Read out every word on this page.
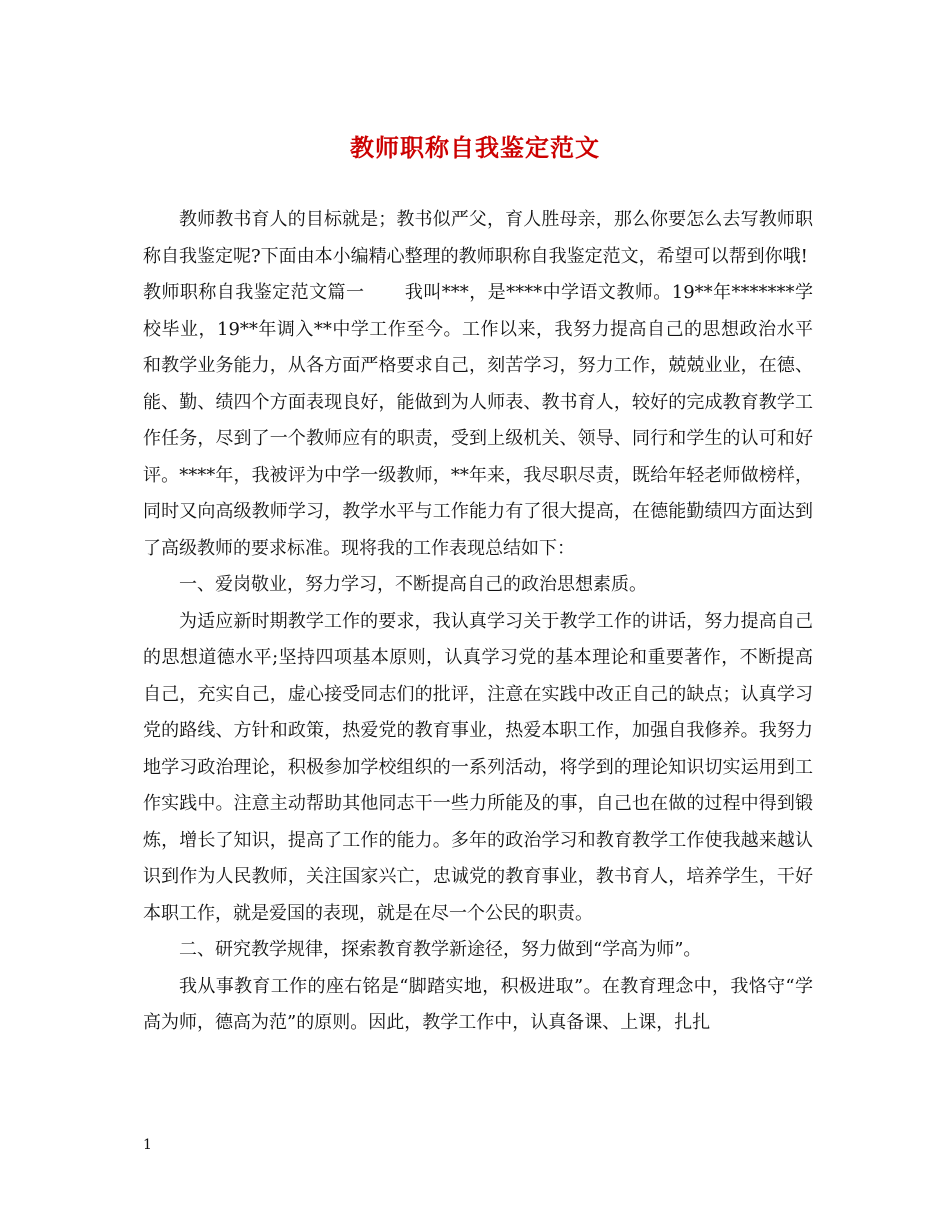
教师职称自我鉴定范文

教师教书育人的目标就是；教书似严父，育人胜母亲，那么你要怎么去写教师职称自我鉴定呢?下面由本小编精心整理的教师职称自我鉴定范文，希望可以帮到你哦!

教师职称自我鉴定范文篇一 我叫***，是****中学语文教师。19**年*******学校毕业，19**年调入**中学工作至今。工作以来，我努力提高自己的思想政治水平和教学业务能力，从各方面严格要求自己，刻苦学习，努力工作，兢兢业业，在德、能、勤、绩四个方面表现良好，能做到为人师表、教书育人，较好的完成教育教学工作任务，尽到了一个教师应有的职责，受到上级机关、领导、同行和学生的认可和好评。****年，我被评为中学一级教师，**年来，我尽职尽责，既给年轻老师做榜样，同时又向高级教师学习，教学水平与工作能力有了很大提高，在德能勤绩四方面达到了高级教师的要求标准。现将我的工作表现总结如下：

一、爱岗敬业，努力学习，不断提高自己的政治思想素质。

为适应新时期教学工作的要求，我认真学习关于教学工作的讲话，努力提高自己的思想道德水平;坚持四项基本原则，认真学习党的基本理论和重要著作，不断提高自己，充实自己，虚心接受同志们的批评，注意在实践中改正自己的缺点；认真学习党的路线、方针和政策，热爱党的教育事业，热爱本职工作，加强自我修养。我努力地学习政治理论，积极参加学校组织的一系列活动，将学到的理论知识切实运用到工作实践中。注意主动帮助其他同志干一些力所能及的事，自己也在做的过程中得到锻炼，增长了知识，提高了工作的能力。多年的政治学习和教育教学工作使我越来越认识到作为人民教师，关注国家兴亡，忠诚党的教育事业，教书育人，培养学生，干好本职工作，就是爱国的表现，就是在尽一个公民的职责。

二、研究教学规律，探索教育教学新途径，努力做到“学高为师”。

我从事教育工作的座右铭是“脚踏实地，积极进取”。在教育理念中，我恪守“学高为师，德高为范”的原则。因此，教学工作中，认真备课、上课，扎扎

1
